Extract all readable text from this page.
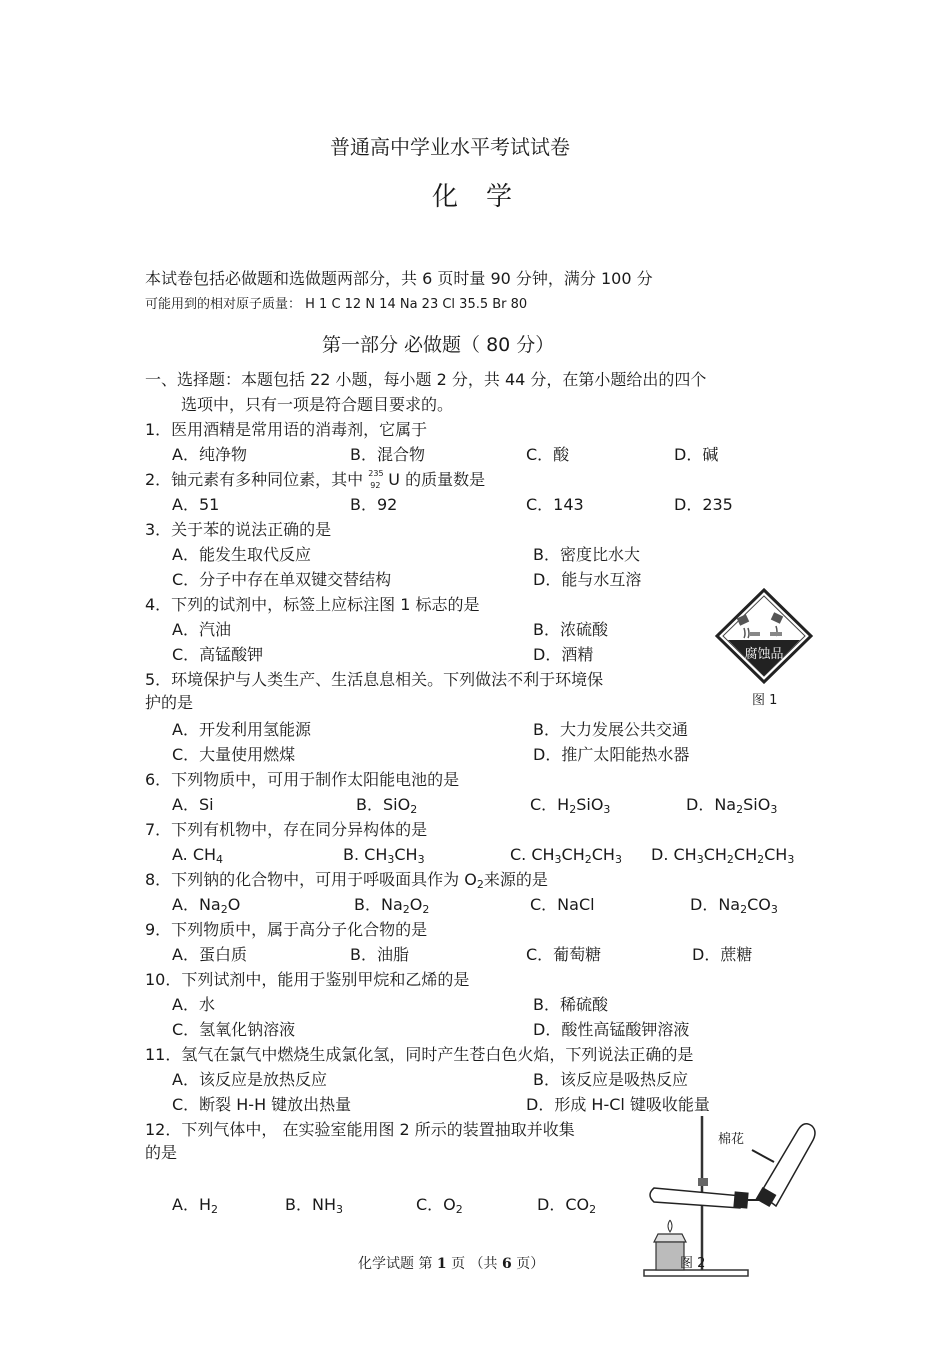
普通高中学业水平考试试卷
化学
本试卷包括必做题和选做题两部分，共 6 页时量 90 分钟，满分 100 分
可能用到的相对原子质量： H 1 C 12 N 14 Na 23 Cl 35.5 Br 80
第一部分 必做题（ 80 分）
一、选择题：本题包括 22 小题，每小题 2 分，共 44 分，在第小题给出的四个
选项中，只有一项是符合题目要求的。
1．医用酒精是常用语的消毒剂，它属于
A．纯净物	B．混合物	C．酸	D．碱
2．铀元素有多种同位素，其中 235
92 U 的质量数是
A．51	B．92	C．143	D．235
3．关于苯的说法正确的是
A．能发生取代反应	B．密度比水大
C．分子中存在单双键交替结构	D．能与水互溶
4．下列的试剂中，标签上应标注图 1 标志的是
A．汽油	B．浓硫酸
C．高锰酸钾	D．酒精	腐蚀品
图 1
5．环境保护与人类生产、生活息息相关。下列做法不利于环境保
护的是
A．开发利用氢能源	B．大力发展公共交通
C．大量使用燃煤	D．推广太阳能热水器
6．下列物质中，可用于制作太阳能电池的是
A．Si	B．SiO$_2$	C．$H_2SiO_3$	D．$Na_2SiO_3$
7．下列有机物中，存在同分异构体的是
A. $CH_4$	B. $CH_3CH_3$	C. $CH_3CH_2CH_3$ D. $CH_3CH_2CH_2CH_3$
8．下列钠的化合物中，可用于呼吸面具作为 $O_2$来源的是
A．$Na_2O$	B．$Na_2O_2$	C．NaCl	D．$Na_2CO_3$
9．下列物质中，属于高分子化合物的是
A．蛋白质	B．油脂	C．葡萄糖	D．蔗糖
10．下列试剂中，能用于鉴别甲烷和乙烯的是
A．水	B．稀硫酸
C．氢氧化钠溶液	D．酸性高锰酸钾溶液
11．氢气在氯气中燃烧生成氯化氢，同时产生苍白色火焰，下列说法正确的是
A．该反应是放热反应	B．该反应是吸热反应
C．断裂 H-H 键放出热量	D．形成 H-Cl 键吸收能量
12．下列气体中， 在实验室能用图 2 所示的装置抽取并收集
的是
A．$H_2$	B．$NH_3$	C．$O_2$	D．$CO_2$
棉花
图 2
化学试题 第 1 页 （共 6 页）
